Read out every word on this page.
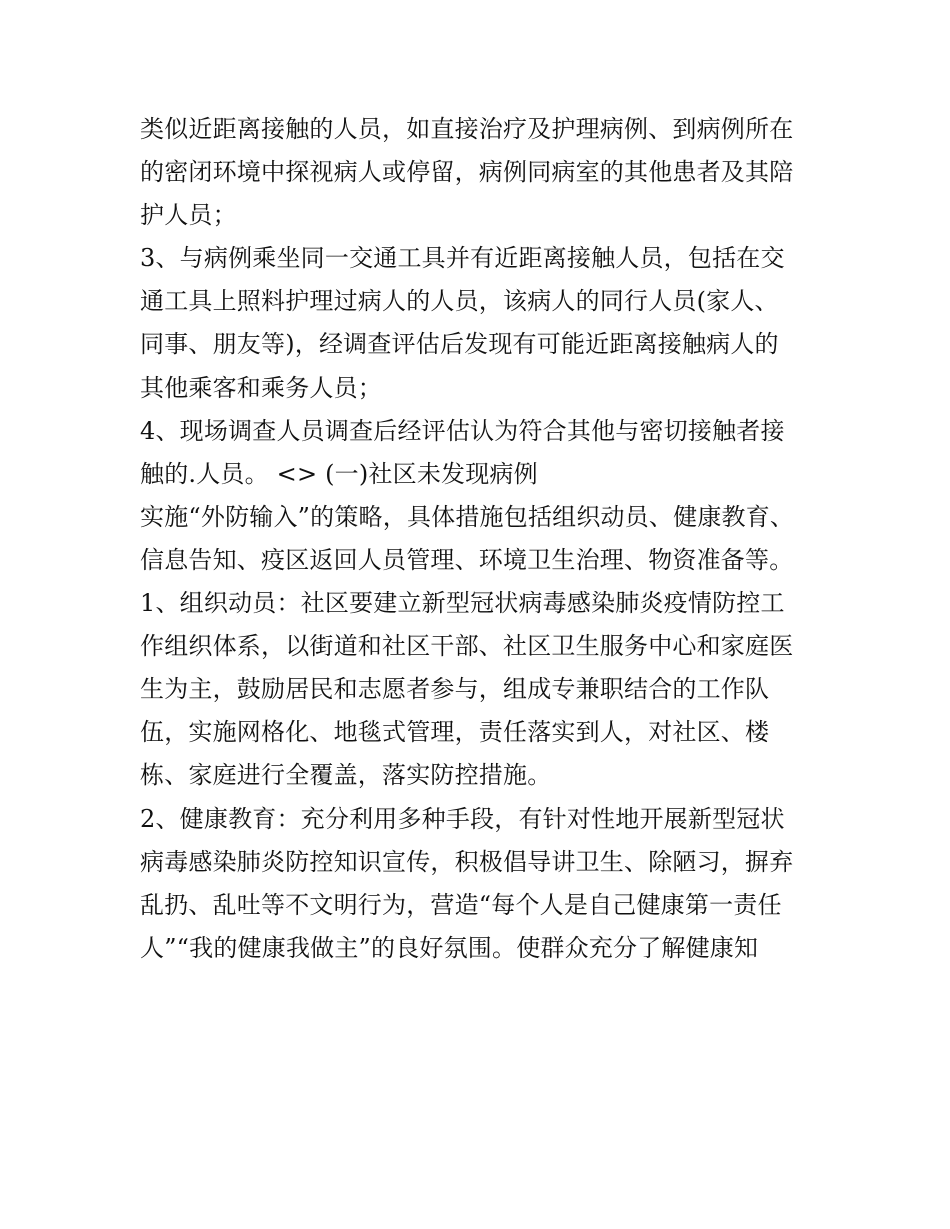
类似近距离接触的人员，如直接治疗及护理病例、到病例所在
的密闭环境中探视病人或停留，病例同病室的其他患者及其陪
护人员；
3、与病例乘坐同一交通工具并有近距离接触人员，包括在交
通工具上照料护理过病人的人员，该病人的同行人员(家人、
同事、朋友等)，经调查评估后发现有可能近距离接触病人的
其他乘客和乘务人员；
4、现场调查人员调查后经评估认为符合其他与密切接触者接
触的.人员。 <> (一)社区未发现病例
实施“外防输入”的策略，具体措施包括组织动员、健康教育、
信息告知、疫区返回人员管理、环境卫生治理、物资准备等。
1、组织动员：社区要建立新型冠状病毒感染肺炎疫情防控工
作组织体系，以街道和社区干部、社区卫生服务中心和家庭医
生为主，鼓励居民和志愿者参与，组成专兼职结合的工作队
伍，实施网格化、地毯式管理，责任落实到人，对社区、楼
栋、家庭进行全覆盖，落实防控措施。
2、健康教育：充分利用多种手段，有针对性地开展新型冠状
病毒感染肺炎防控知识宣传，积极倡导讲卫生、除陋习，摒弃
乱扔、乱吐等不文明行为，营造“每个人是自己健康第一责任
人”“我的健康我做主”的良好氛围。使群众充分了解健康知
